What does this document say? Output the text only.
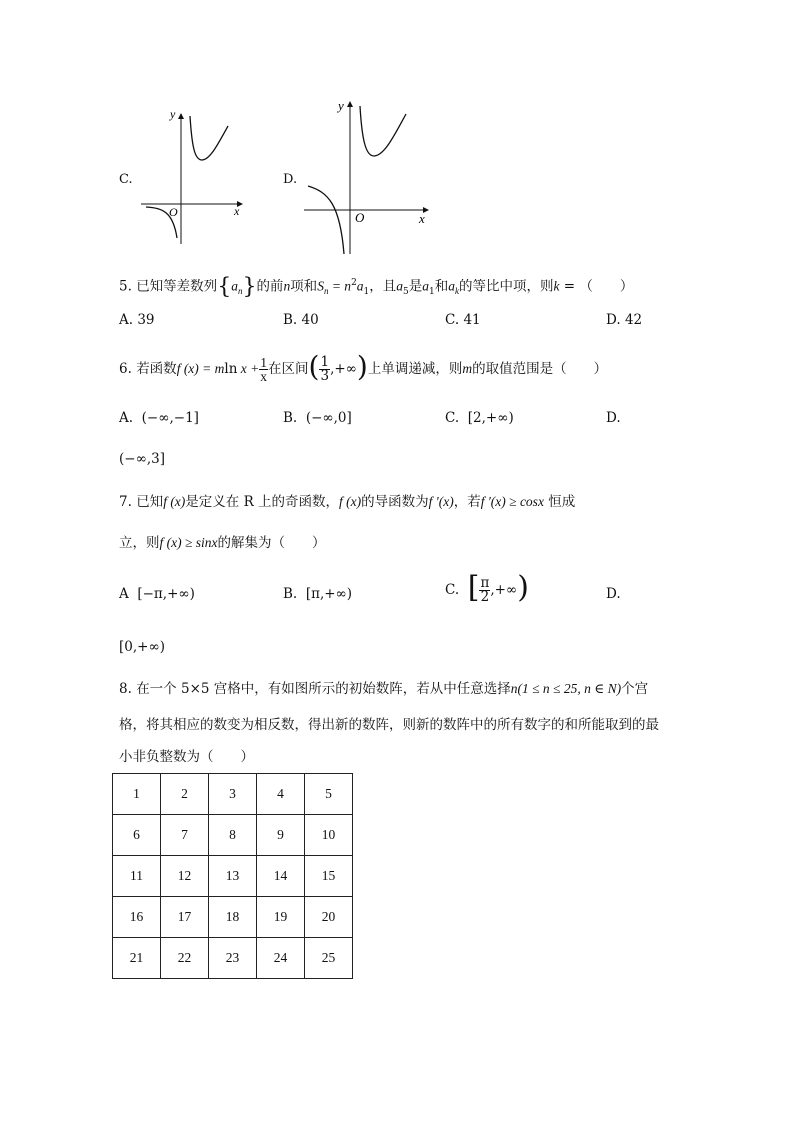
C.
y
x
O
D.
y
x
O
5. 已知等差数列$\{a_n\}$的前n项和$S_n = n^2a_1$，且$a_5$是$a_1$和$a_k$的等比中项，则k = （　　）
A. 39	B. 40	C. 41	D. 42
6. 若函数f (x) = mln $x + \frac{1}{x}$ 在区间( $\frac{1}{3}$ ,+∞)上单调递减，则m的取值范围是（　　）
A. (−∞,−1]	B. (−∞,0]	C. [2,+∞)	D.
(−∞,3]
7. 已知f (x)是定义在 R 上的奇函数，f (x)的导函数为f ′(x)，若f ′(x) ≥ cosx 恒成
立，则f (x) ≥ sinx的解集为（　　）
A [−π,+∞)	B. [π,+∞)	C. [ $\frac{\pi}{2}$ ,+∞)	D.
[0,+∞)
8. 在一个 5×5 宫格中，有如图所示的初始数阵，若从中任意选择n(1 ≤ n ≤ 25, n ∈ N)个宫
格，将其相应的数变为相反数，得出新的数阵，则新的数阵中的所有数字的和所能取到的最
小非负整数为（　　）
1	2	3	4	5
6	7	8	9	10
11	12	13	14	15
16	17	18	19	20
21	22	23	24	25
